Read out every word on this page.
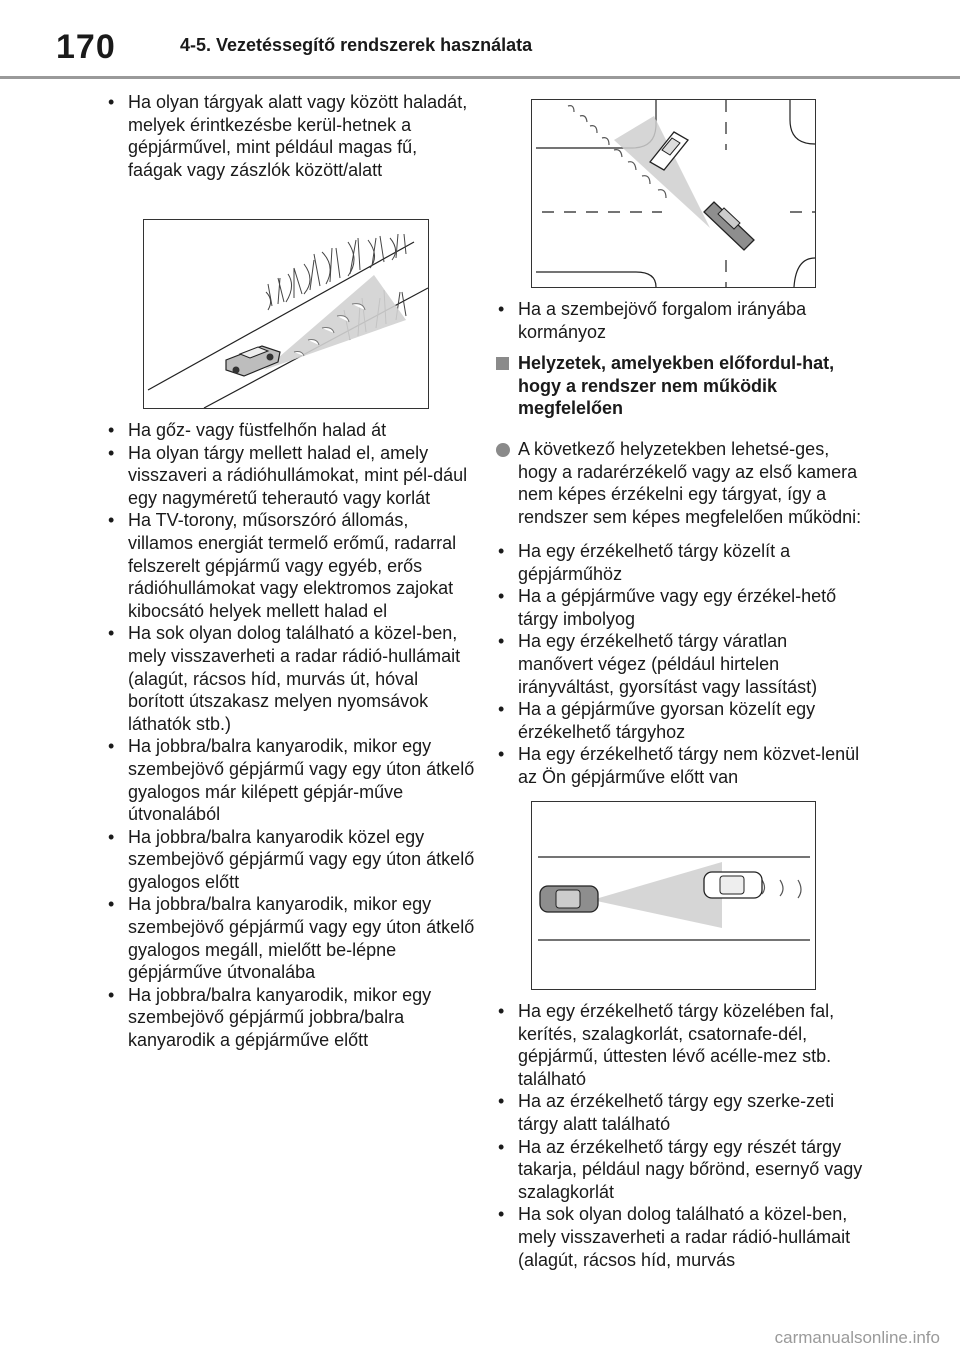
170	4-5. Vezetéssegítő rendszerek használata
• Ha olyan tárgyak alatt vagy között haladát, melyek érintkezésbe kerül-hetnek a gépjárművel, mint például magas fű, faágak vagy zászlók között/alatt
• Ha gőz- vagy füstfelhőn halad át
• Ha olyan tárgy mellett halad el, amely visszaveri a rádióhullámokat, mint pél-dául egy nagyméretű teherautó vagy korlát
• Ha TV-torony, műsorszóró állomás, villamos energiát termelő erőmű, radarral felszerelt gépjármű vagy egyéb, erős rádióhullámokat vagy elektromos zajokat kibocsátó helyek mellett halad el
• Ha sok olyan dolog található a közel-ben, mely visszaverheti a radar rádió-hullámait (alagút, rácsos híd, murvás út, hóval borított útszakasz melyen nyomsávok láthatók stb.)
• Ha jobbra/balra kanyarodik, mikor egy szembejövő gépjármű vagy egy úton átkelő gyalogos már kilépett gépjár-műve útvonalából
• Ha jobbra/balra kanyarodik közel egy szembejövő gépjármű vagy egy úton átkelő gyalogos előtt
• Ha jobbra/balra kanyarodik, mikor egy szembejövő gépjármű vagy egy úton átkelő gyalogos megáll, mielőtt be-lépne gépjárműve útvonalába
• Ha jobbra/balra kanyarodik, mikor egy szembejövő gépjármű jobbra/balra kanyarodik a gépjárműve előtt
• Ha a szembejövő forgalom irányába kormányoz
Helyzetek, amelyekben előfordul-hat, hogy a rendszer nem működik megfelelően
A következő helyzetekben lehetsé-ges, hogy a radarérzékelő vagy az első kamera nem képes érzékelni egy tárgyat, így a rendszer sem képes megfelelően működni:
• Ha egy érzékelhető tárgy közelít a gépjárműhöz
• Ha a gépjárműve vagy egy érzékel-hető tárgy imbolyog
• Ha egy érzékelhető tárgy váratlan manővert végez (például hirtelen irányváltást, gyorsítást vagy lassítást)
• Ha a gépjárműve gyorsan közelít egy érzékelhető tárgyhoz
• Ha egy érzékelhető tárgy nem közvet-lenül az Ön gépjárműve előtt van
• Ha egy érzékelhető tárgy közelében fal, kerítés, szalagkorlát, csatornafe-dél, gépjármű, úttesten lévő acélle-mez stb. található
• Ha az érzékelhető tárgy egy szerke-zeti tárgy alatt található
• Ha az érzékelhető tárgy egy részét tárgy takarja, például nagy bőrönd, esernyő vagy szalagkorlát
• Ha sok olyan dolog található a közel-ben, mely visszaverheti a radar rádió-hullámait (alagút, rácsos híd, murvás
carmanualsonline.info
